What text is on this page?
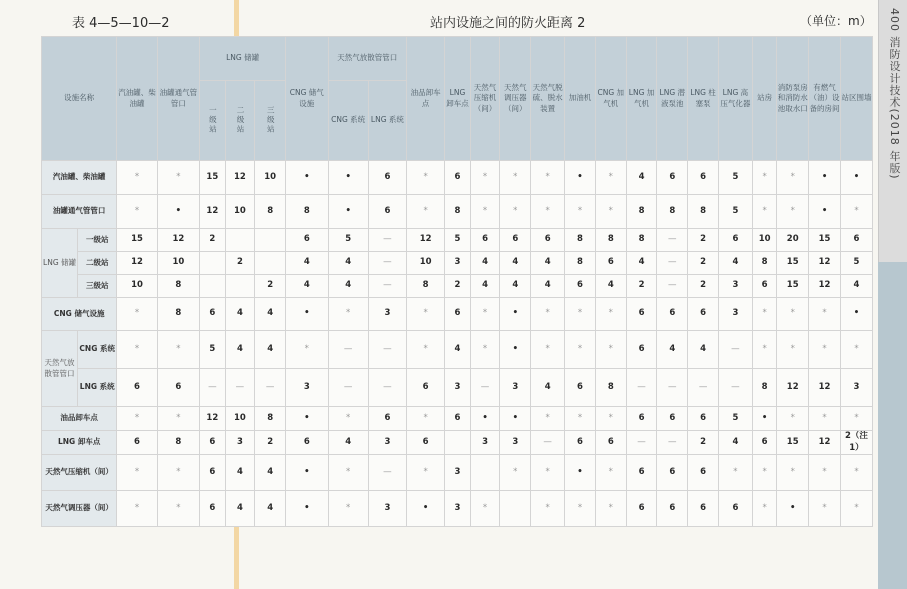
表 4—5—10—2	站内设施之间的防火距离 2	（单位：m） 400 消防设计技术(2018 年版)
设施名称		汽油罐、柴油罐	油罐通气管管口	LNG 储罐			CNG 储气设施	天然气放散管管口		油品卸车点	LNG 卸车点	天然气压缩机（间）	天然气调压器（间）	天然气脱硫、脱水装置	加油机	CNG 加气机	LNG 加气机	LNG 潜液泵池	LNG 柱塞泵	LNG 高压气化器	站房	消防泵房和消防水池取水口	有燃气（油）设备的房间	站区围墙
				一级站	二级站	三级站		CNG 系统	LNG 系统															
汽油罐、柴油罐		*	*	15	12	10	•	•	6	*	6	*	*	*	•	*	4	6	6	5	*	*	•	•
油罐通气管管口		*	•	12	10	8	8	•	6	*	8	*	*	*	*	*	8	8	8	5	*	*	•	*
LNG 储罐	一级站	15	12	2			6	5	—	12	5	6	6	6	8	8	8	—	2	6	10	20	15	6
	二级站	12	10		2		4	4	—	10	3	4	4	4	8	6	4	—	2	4	8	15	12	5
	三级站	10	8			2	4	4	—	8	2	4	4	4	6	4	2	—	2	3	6	15	12	4
CNG 储气设施		*	8	6	4	4	•	*	3	*	6	*	•	*	*	*	6	6	6	3	*	*	*	•
天然气放散管管口	CNG 系统	*	*	5	4	4	*	—	—	*	4	*	•	*	*	*	6	4	4	—	*	*	*	*
	LNG 系统	6	6	—	—	—	3	—	—	6	3	—	3	4	6	8	—	—	—	—	8	12	12	3
油品卸车点		*	*	12	10	8	•	*	6	*	6	•	•	*	*	*	6	6	6	5	•	*	*	*
LNG 卸车点		6	8	6	3	2	6	4	3	6		3	3	—	6	6	—	—	2	4	6	15	12	2（注1）
天然气压缩机（间）		*	*	6	4	4	•	*	—	*	3		*	*	•	*	6	6	6	*	*	*	*	*
天然气调压器（间）		*	*	6	4	4	•	*	3	•	3	*		*	*	*	6	6	6	6	*	•	*	*
